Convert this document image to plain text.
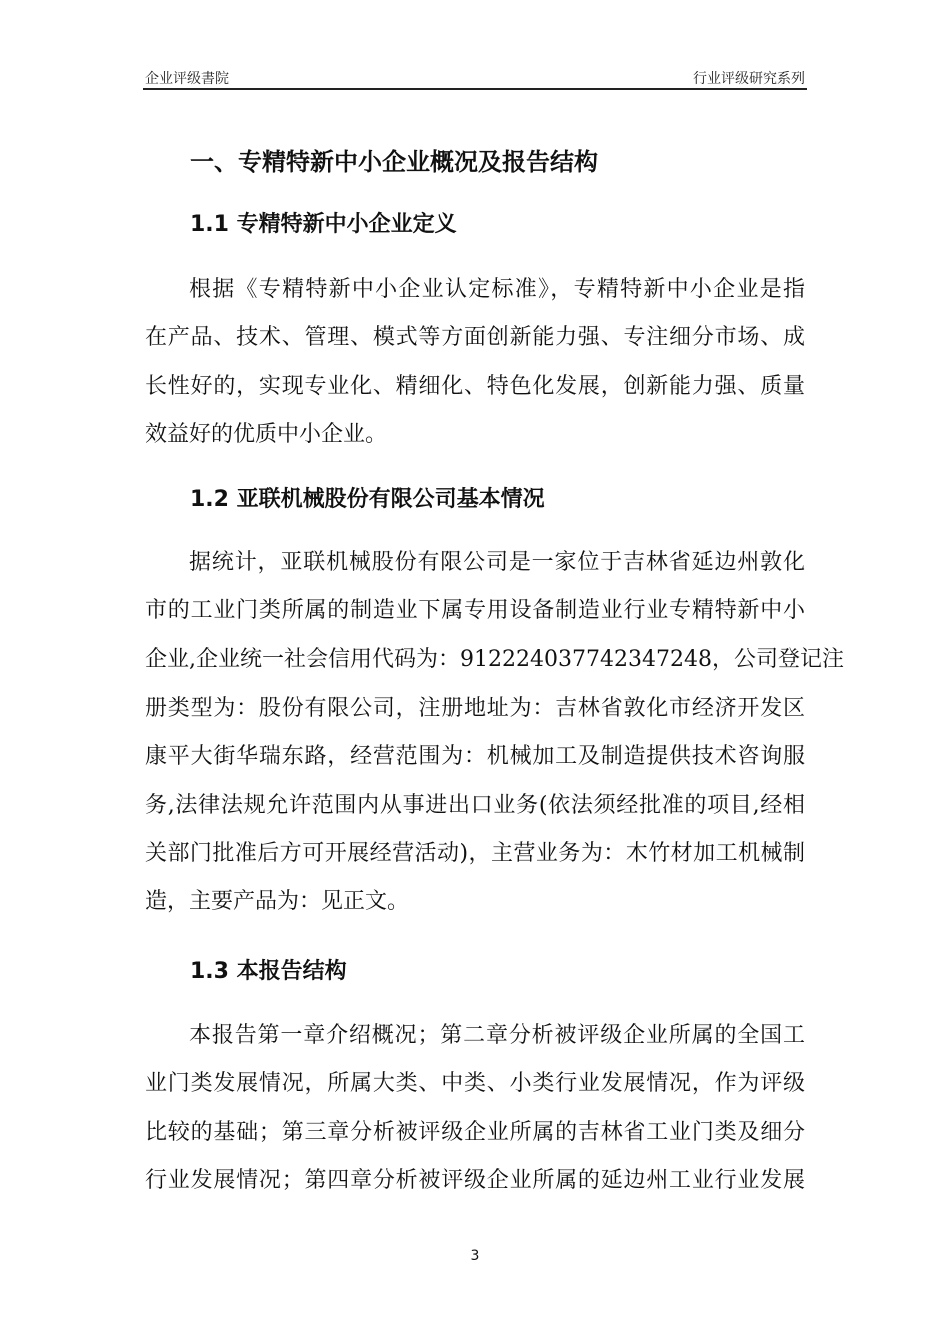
企业评级書院	行业评级研究系列
一、专精特新中小企业概况及报告结构
1.1 专精特新中小企业定义
根据《专精特新中小企业认定标准》，专精特新中小企业是指
在产品、技术、管理、模式等方面创新能力强、专注细分市场、成
长性好的，实现专业化、精细化、特色化发展，创新能力强、质量
效益好的优质中小企业。
1.2 亚联机械股份有限公司基本情况
据统计，亚联机械股份有限公司是一家位于吉林省延边州敦化
市的工业门类所属的制造业下属专用设备制造业行业专精特新中小
企业,企业统一社会信用代码为：912224037742347248，公司登记注
册类型为：股份有限公司，注册地址为：吉林省敦化市经济开发区
康平大街华瑞东路，经营范围为：机械加工及制造提供技术咨询服
务,法律法规允许范围内从事进出口业务(依法须经批准的项目,经相
关部门批准后方可开展经营活动)，主营业务为：木竹材加工机械制
造，主要产品为：见正文。
1.3 本报告结构
本报告第一章介绍概况；第二章分析被评级企业所属的全国工
业门类发展情况，所属大类、中类、小类行业发展情况，作为评级
比较的基础；第三章分析被评级企业所属的吉林省工业门类及细分
行业发展情况；第四章分析被评级企业所属的延边州工业行业发展
3
